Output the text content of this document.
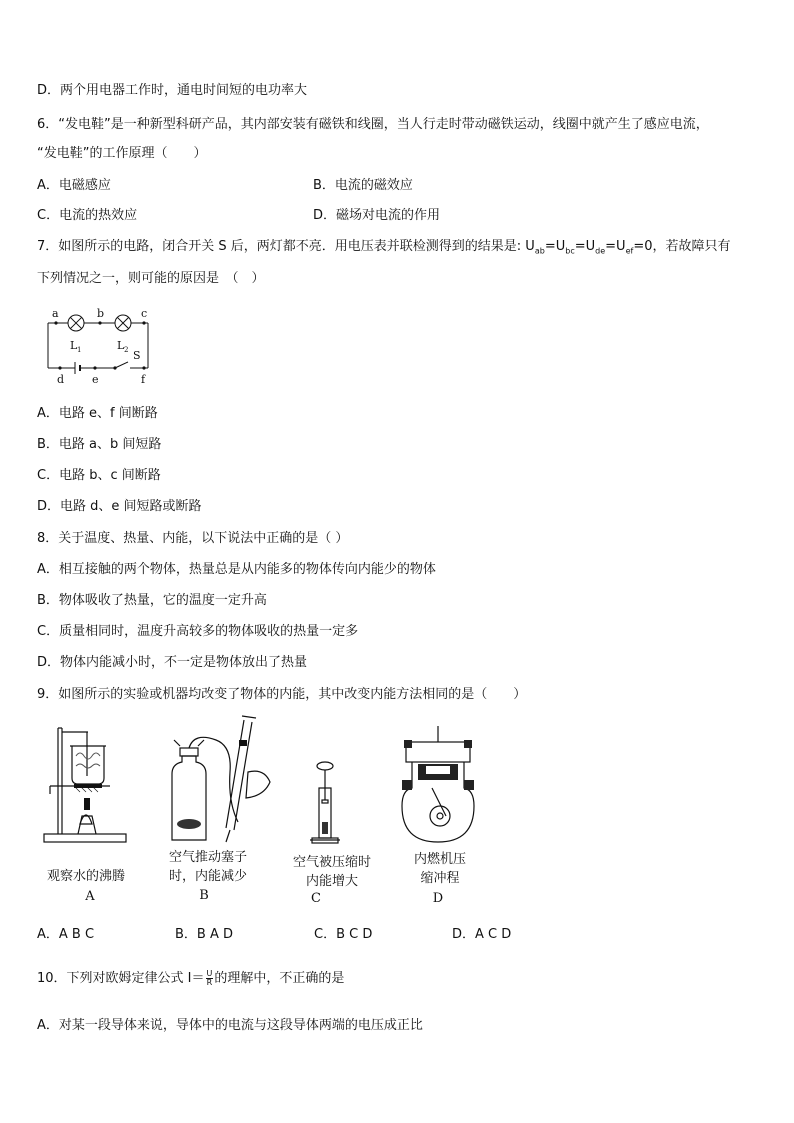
D．两个用电器工作时，通电时间短的电功率大
6．“发电鞋”是一种新型科研产品，其内部安装有磁铁和线圈，当人行走时带动磁铁运动，线圈中就产生了感应电流，
“发电鞋”的工作原理（　　）
A．电磁感应	B．电流的磁效应
C．电流的热效应	D．磁场对电流的作用
7．如图所示的电路，闭合开关 S 后，两灯都不亮．用电压表并联检测得到的结果是: $U_{ab}=U_{bc}=U_{de}=U_{ef}=0$，若故障只有
下列情况之一，则可能的原因是　（　）
a	b	c
L 1	L 2 S
d	e	f
A．电路 e、f 间断路
B．电路 a、b 间短路
C．电路 b、c 间断路
D．电路 d、e 间短路或断路
8．关于温度、热量、内能，以下说法中正确的是（ ）
A．相互接触的两个物体，热量总是从内能多的物体传向内能少的物体
B．物体吸收了热量，它的温度一定升高
C．质量相同时，温度升高较多的物体吸收的热量一定多
D．物体内能减小时，不一定是物体放出了热量
9．如图所示的实验或机器均改变了物体的内能，其中改变内能方法相同的是（　　）
观察水的沸腾
A
空气推动塞子
时，内能减少
B
空气被压缩时
内能增大
C
内燃机压
缩冲程
D
A．A B C	B．B A D	C．B C D	D．A C D
10．下列对欧姆定律公式 $I= \frac{U}{R}$ 的理解中，不正确的是
A．对某一段导体来说，导体中的电流与这段导体两端的电压成正比
